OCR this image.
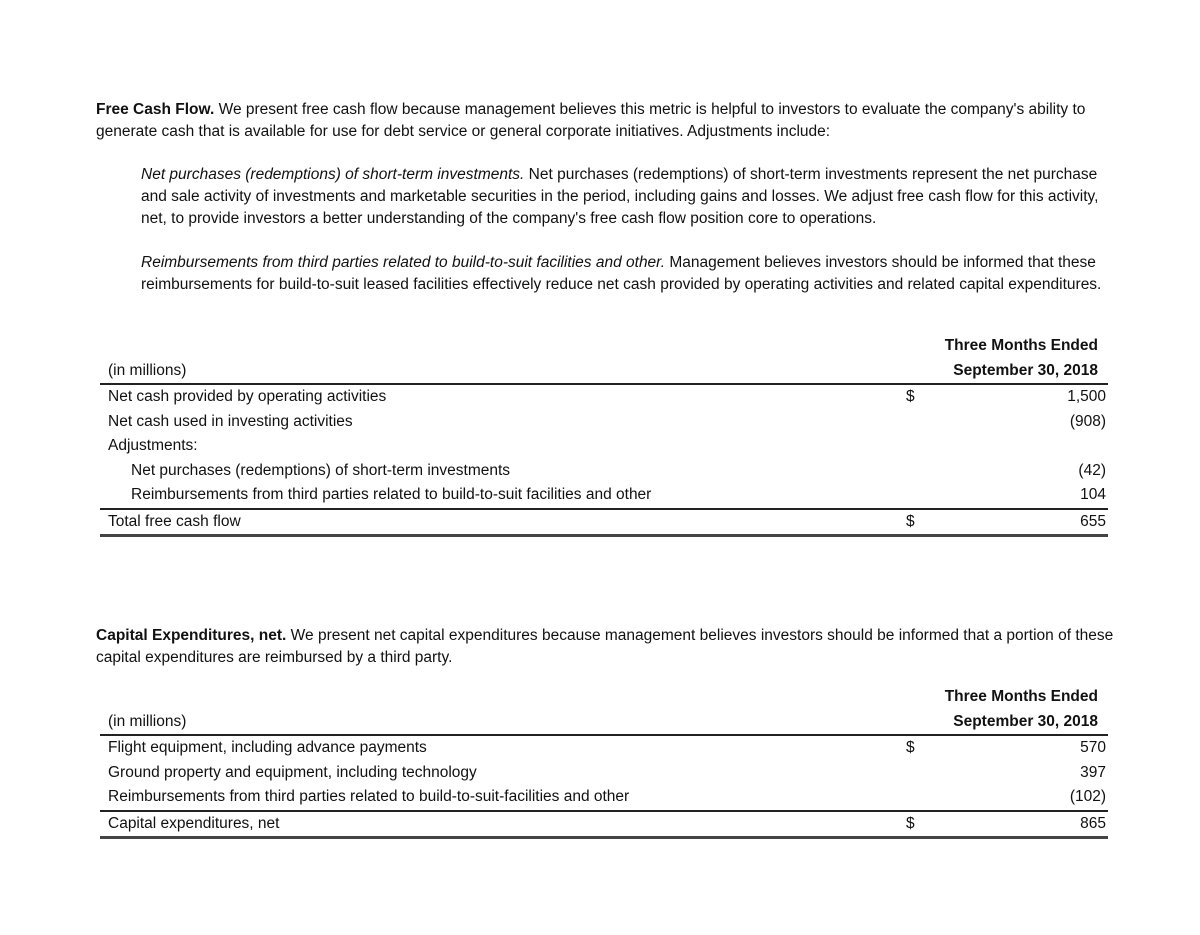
Free Cash Flow. We present free cash flow because management believes this metric is helpful to investors to evaluate the company's ability to generate cash that is available for use for debt service or general corporate initiatives. Adjustments include:

Net purchases (redemptions) of short-term investments. Net purchases (redemptions) of short-term investments represent the net purchase and sale activity of investments and marketable securities in the period, including gains and losses. We adjust free cash flow for this activity, net, to provide investors a better understanding of the company's free cash flow position core to operations.

Reimbursements from third parties related to build-to-suit facilities and other. Management believes investors should be informed that these reimbursements for build-to-suit leased facilities effectively reduce net cash provided by operating activities and related capital expenditures.

	Three Months Ended	
(in millions)	September 30, 2018	
Net cash provided by operating activities	$	1,500
Net cash used in investing activities		(908)
Adjustments:		
Net purchases (redemptions) of short-term investments		(42)
Reimbursements from third parties related to build-to-suit facilities and other		104
Total free cash flow	$	655

Capital Expenditures, net. We present net capital expenditures because management believes investors should be informed that a portion of these capital expenditures are reimbursed by a third party.

	Three Months Ended	
(in millions)	September 30, 2018	
Flight equipment, including advance payments	$	570
Ground property and equipment, including technology		397
Reimbursements from third parties related to build-to-suit-facilities and other		(102)
Capital expenditures, net	$	865
